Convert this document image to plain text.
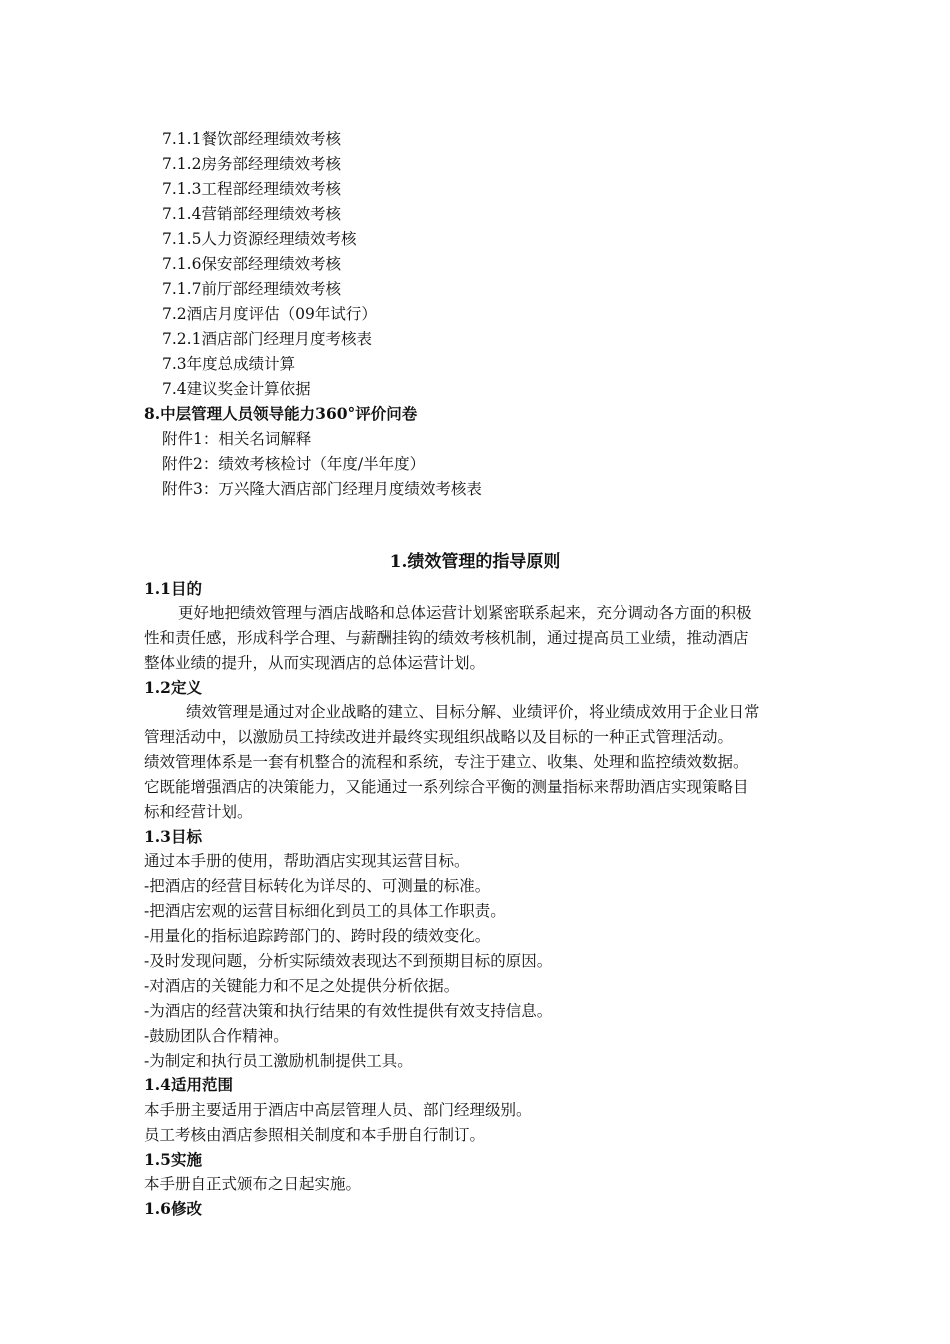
7.1.1餐饮部经理绩效考核
7.1.2房务部经理绩效考核
7.1.3工程部经理绩效考核
7.1.4营销部经理绩效考核
7.1.5人力资源经理绩效考核
7.1.6保安部经理绩效考核
7.1.7前厅部经理绩效考核
7.2酒店月度评估（09年试行）
7.2.1酒店部门经理月度考核表
7.3年度总成绩计算
7.4建议奖金计算依据
8.中层管理人员领导能力360°评价问卷
附件1：相关名词解释
附件2：绩效考核检讨（年度/半年度）
附件3：万兴隆大酒店部门经理月度绩效考核表
1.绩效管理的指导原则
1.1目的
更好地把绩效管理与酒店战略和总体运营计划紧密联系起来，充分调动各方面的积极
性和责任感，形成科学合理、与薪酬挂钩的绩效考核机制，通过提高员工业绩，推动酒店
整体业绩的提升，从而实现酒店的总体运营计划。
1.2定义
绩效管理是通过对企业战略的建立、目标分解、业绩评价，将业绩成效用于企业日常
管理活动中，以激励员工持续改进并最终实现组织战略以及目标的一种正式管理活动。
绩效管理体系是一套有机整合的流程和系统，专注于建立、收集、处理和监控绩效数据。
它既能增强酒店的决策能力，又能通过一系列综合平衡的测量指标来帮助酒店实现策略目
标和经营计划。
1.3目标
通过本手册的使用，帮助酒店实现其运营目标。
-把酒店的经营目标转化为详尽的、可测量的标准。
-把酒店宏观的运营目标细化到员工的具体工作职责。
-用量化的指标追踪跨部门的、跨时段的绩效变化。
-及时发现问题，分析实际绩效表现达不到预期目标的原因。
-对酒店的关键能力和不足之处提供分析依据。
-为酒店的经营决策和执行结果的有效性提供有效支持信息。
-鼓励团队合作精神。
-为制定和执行员工激励机制提供工具。
1.4适用范围
本手册主要适用于酒店中高层管理人员、部门经理级别。
员工考核由酒店参照相关制度和本手册自行制订。
1.5实施
本手册自正式颁布之日起实施。
1.6修改
